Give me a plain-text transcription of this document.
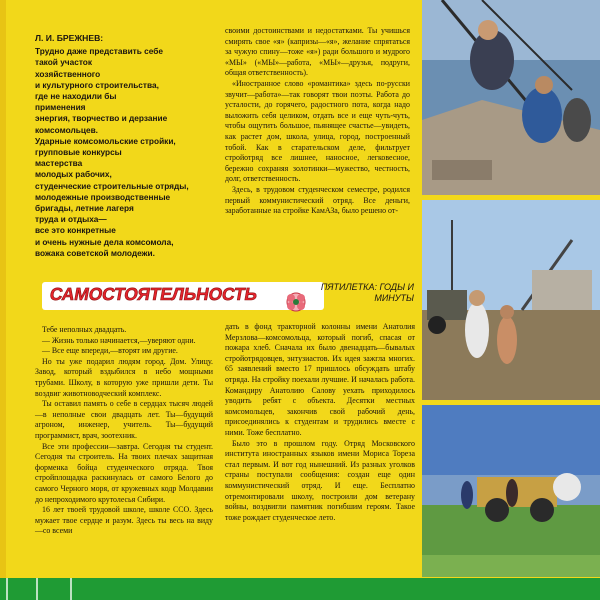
Л. И. БРЕЖНЕВ:

Трудно даже представить себе
такой участок
хозяйственного
и культурного строительства,
где не находили бы
применения
энергия, творчество и дерзание
комсомольцев.
Ударные комсомольские стройки,
групповые конкурсы
мастерства
молодых рабочих,
студенческие строительные отряды,
молодежные производственные
бригады, летние лагеря
труда и отдыха—
все это конкретные
и очень нужные дела комсомола,
вожака советской молодежи.

своими достоинствами и недостатками. Ты учишься смирять свое «я» (капризы—«я», желание спрятаться за чужую спину—тоже «я») ради большого и мудрого «МЫ» («МЫ»—работа, «МЫ»—друзья, подруги, общая ответственность).

«Иностранное слово «романтика» здесь по-русски звучит—работа»—так говорят твои поэты. Работа до усталости, до горячего, радостного пота, когда надо выложить себя целиком, отдать все и еще чуть-чуть, чтобы ощутить большое, пьянящее счастье—увидеть, как растет дом, школа, улица, город, построенный тобой. Как в старательском деле, фильтрует стройотряд все лишнее, наносное, легковесное, бережно сохраняя золотинки—мужество, честность, долг, ответственность.

Здесь, в трудовом студенческом семестре, родился первый коммунистический отряд. Все деньги, заработанные на стройке КамАЗа, было решено от-

САМОСТОЯТЕЛЬНОСТЬ	ПЯТИЛЕТКА: ГОДЫ И МИНУТЫ

Тебе неполных двадцать.

— Жизнь только начинается,—уверяют одни.

— Все еще впереди,—вторят им другие.

Но ты уже подарил людям город. Дом. Улицу. Завод, который вздыбился в небо мощными трубами. Школу, в которую уже пришли дети. Ты воздвиг животноводческий комплекс.

Ты оставил память о себе в сердцах тысяч людей—в неполные свои двадцать лет. Ты—будущий агроном, инженер, учитель. Ты—будущий программист, врач, зоотехник.

Все эти профессии—завтра. Сегодня ты студент. Сегодня ты строитель. На твоих плечах защитная форменка бойца студенческого отряда. Твоя стройплощадка раскинулась от самого Белого до самого Черного моря, от кружевных кодр Молдавии до непроходимого крутолесья Сибири.

16 лет твоей трудовой школе, школе ССО. Здесь мужает твое сердце и разум. Здесь ты весь на виду—со всеми

дать в фонд тракторной колонны имени Анатолия Мерзлова—комсомольца, который погиб, спасая от пожара хлеб. Сначала их было двенадцать—бывалых стройотрядовцев, энтузиастов. Их идея зажгла многих. 65 заявлений вместо 17 пришлось обсуждать штабу отряда. На стройку поехали лучшие. И началась работа. Командиру Анатолию Салову уехать приходилось уводить ребят с объекта. Десятки местных комсомольцев, закончив свой рабочий день, присоединялись к студентам и трудились вместе с ними. Тоже бесплатно.

Было это в прошлом году. Отряд Московского института иностранных языков имени Мориса Тореза стал первым. И вот год нынешний. Из разных уголков страны поступали сообщения: создан еще один коммунистический отряд. И еще. Бесплатно отремонтировали школу, построили дом ветерану войны, воздвигли памятник погибшим героям. Такое тоже рождает студенческое лето.
